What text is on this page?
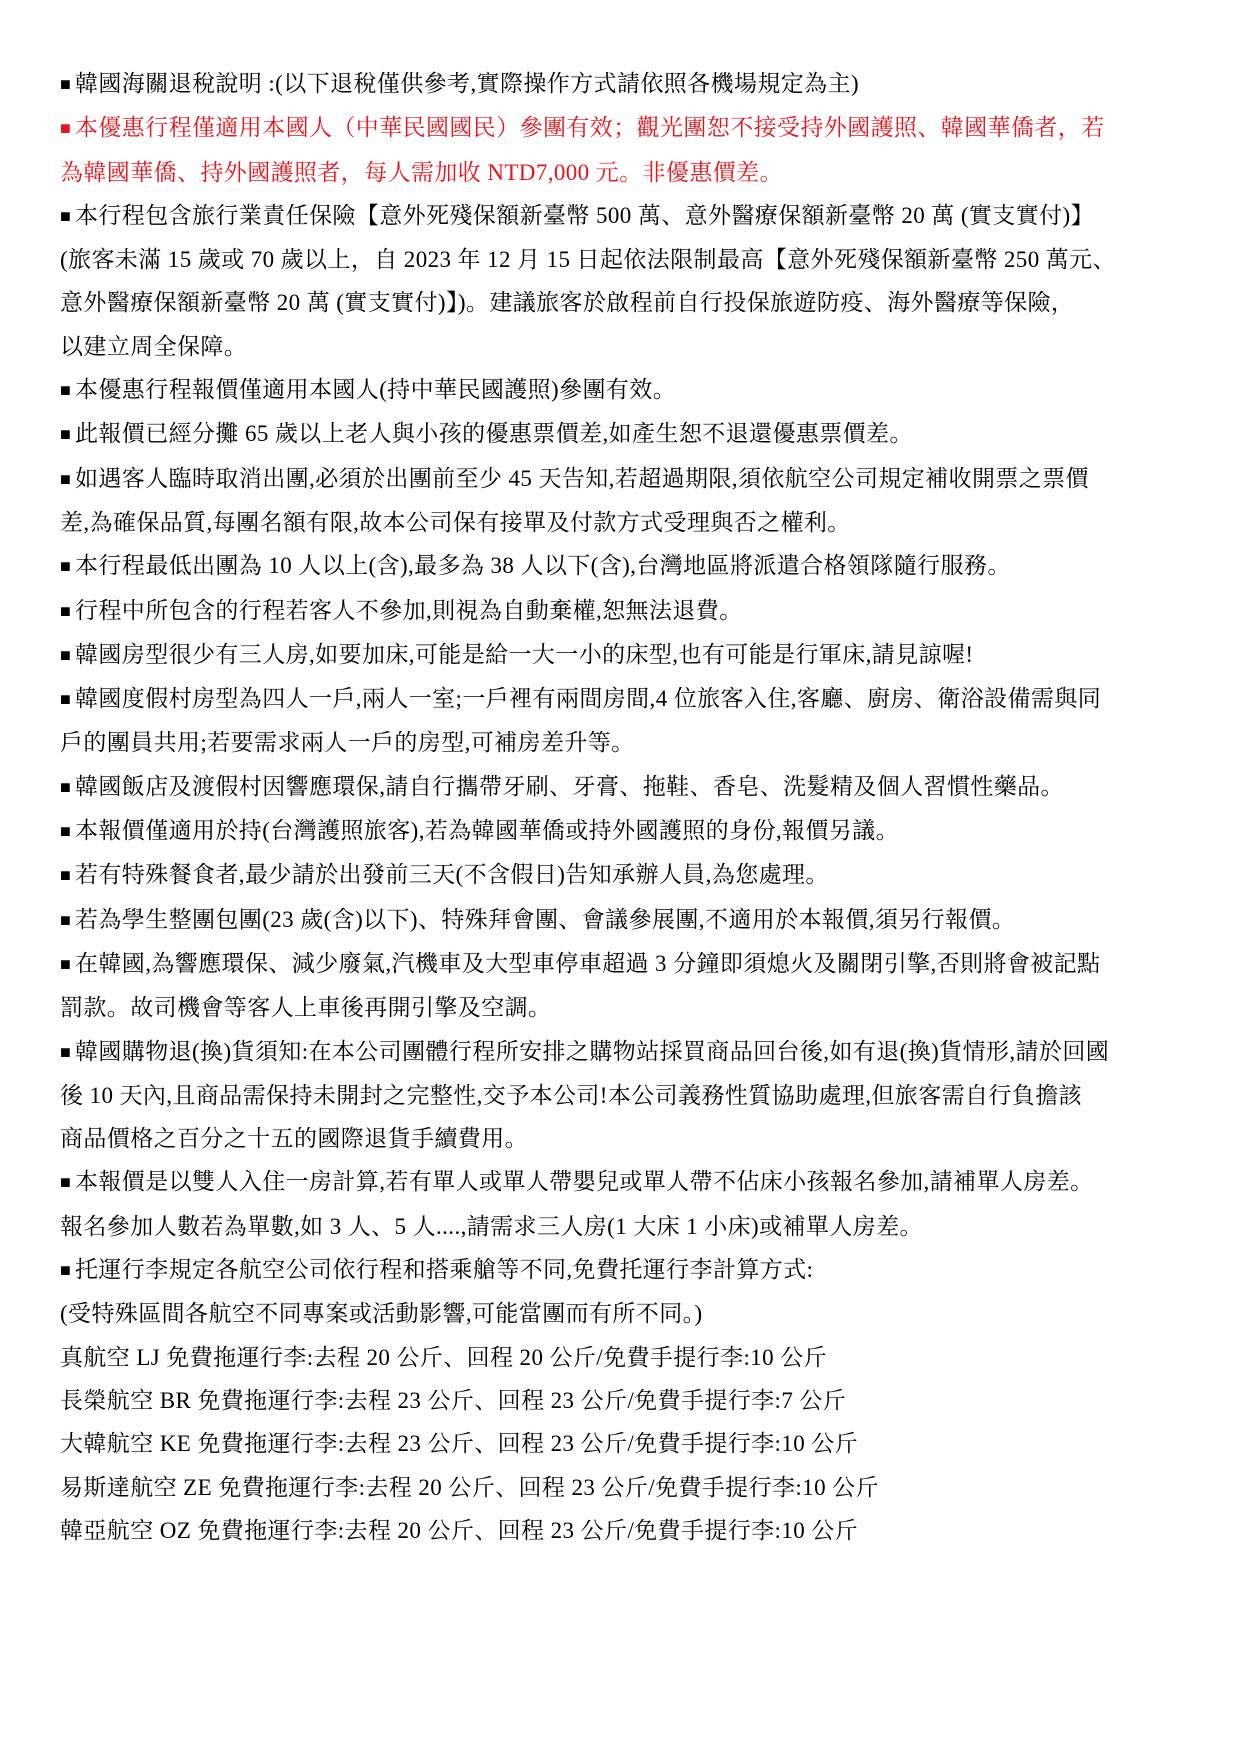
■ 韓國海關退稅說明 :(以下退稅僅供參考,實際操作方式請依照各機場規定為主)

■ 本優惠行程僅適用本國人（中華民國國民）參團有效；觀光團恕不接受持外國護照、韓國華僑者，若
為韓國華僑、持外國護照者，每人需加收 NTD7,000 元。非優惠價差。

■ 本行程包含旅行業責任保險【意外死殘保額新臺幣 500 萬、意外醫療保額新臺幣 20 萬 (實支實付)】
(旅客未滿 15 歲或 70 歲以上，自 2023 年 12 月 15 日起依法限制最高【意外死殘保額新臺幣 250 萬元、
意外醫療保額新臺幣 20 萬 (實支實付)】)。建議旅客於啟程前自行投保旅遊防疫、海外醫療等保險，
以建立周全保障。

■ 本優惠行程報價僅適用本國人(持中華民國護照)參團有效。

■ 此報價已經分攤 65 歲以上老人與小孩的優惠票價差,如產生恕不退還優惠票價差。

■ 如遇客人臨時取消出團,必須於出團前至少 45 天告知,若超過期限,須依航空公司規定補收開票之票價
差,為確保品質,每團名額有限,故本公司保有接單及付款方式受理與否之權利。

■ 本行程最低出團為 10 人以上(含),最多為 38 人以下(含),台灣地區將派遣合格領隊隨行服務。

■ 行程中所包含的行程若客人不參加,則視為自動棄權,恕無法退費。

■ 韓國房型很少有三人房,如要加床,可能是給一大一小的床型,也有可能是行軍床,請見諒喔!

■ 韓國度假村房型為四人一戶,兩人一室;一戶裡有兩間房間,4 位旅客入住,客廳、廚房、衛浴設備需與同
戶的團員共用;若要需求兩人一戶的房型,可補房差升等。

■ 韓國飯店及渡假村因響應環保,請自行攜帶牙刷、牙膏、拖鞋、香皂、洗髮精及個人習慣性藥品。

■ 本報價僅適用於持(台灣護照旅客),若為韓國華僑或持外國護照的身份,報價另議。

■ 若有特殊餐食者,最少請於出發前三天(不含假日)告知承辦人員,為您處理。

■ 若為學生整團包團(23 歲(含)以下)、特殊拜會團、會議參展團,不適用於本報價,須另行報價。

■ 在韓國,為響應環保、減少廢氣,汽機車及大型車停車超過 3 分鐘即須熄火及關閉引擎,否則將會被記點
罰款。故司機會等客人上車後再開引擎及空調。

■ 韓國購物退(換)貨須知:在本公司團體行程所安排之購物站採買商品回台後,如有退(換)貨情形,請於回國
後 10 天內,且商品需保持未開封之完整性,交予本公司!本公司義務性質協助處理,但旅客需自行負擔該
商品價格之百分之十五的國際退貨手續費用。

■ 本報價是以雙人入住一房計算,若有單人或單人帶嬰兒或單人帶不佔床小孩報名參加,請補單人房差。
報名參加人數若為單數,如 3 人、5 人....,請需求三人房(1 大床 1 小床)或補單人房差。

■ 托運行李規定各航空公司依行程和搭乘艙等不同,免費托運行李計算方式:
(受特殊區間各航空不同專案或活動影響,可能當團而有所不同。)

真航空 LJ 免費拖運行李:去程 20 公斤、回程 20 公斤/免費手提行李:10 公斤
長榮航空 BR 免費拖運行李:去程 23 公斤、回程 23 公斤/免費手提行李:7 公斤
大韓航空 KE 免費拖運行李:去程 23 公斤、回程 23 公斤/免費手提行李:10 公斤
易斯達航空 ZE 免費拖運行李:去程 20 公斤、回程 23 公斤/免費手提行李:10 公斤
韓亞航空 OZ 免費拖運行李:去程 20 公斤、回程 23 公斤/免費手提行李:10 公斤
